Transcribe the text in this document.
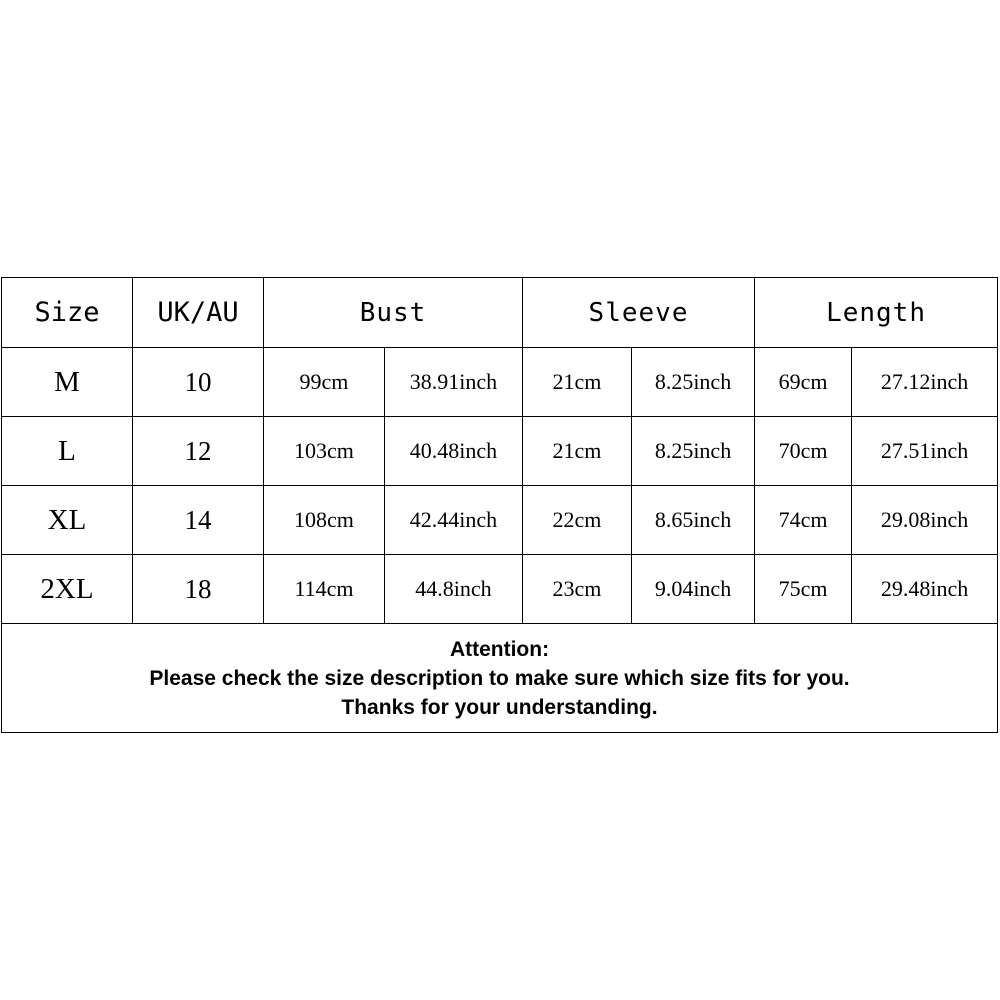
Size	UK/AU	Bust		Sleeve		Length	
M	10	99cm	38.91inch	21cm	8.25inch	69cm	27.12inch
L	12	103cm	40.48inch	21cm	8.25inch	70cm	27.51inch
XL	14	108cm	42.44inch	22cm	8.65inch	74cm	29.08inch
2XL	18	114cm	44.8inch	23cm	9.04inch	75cm	29.48inch

Attention:
Please check the size description to make sure which size fits for you.
Thanks for your understanding.							
